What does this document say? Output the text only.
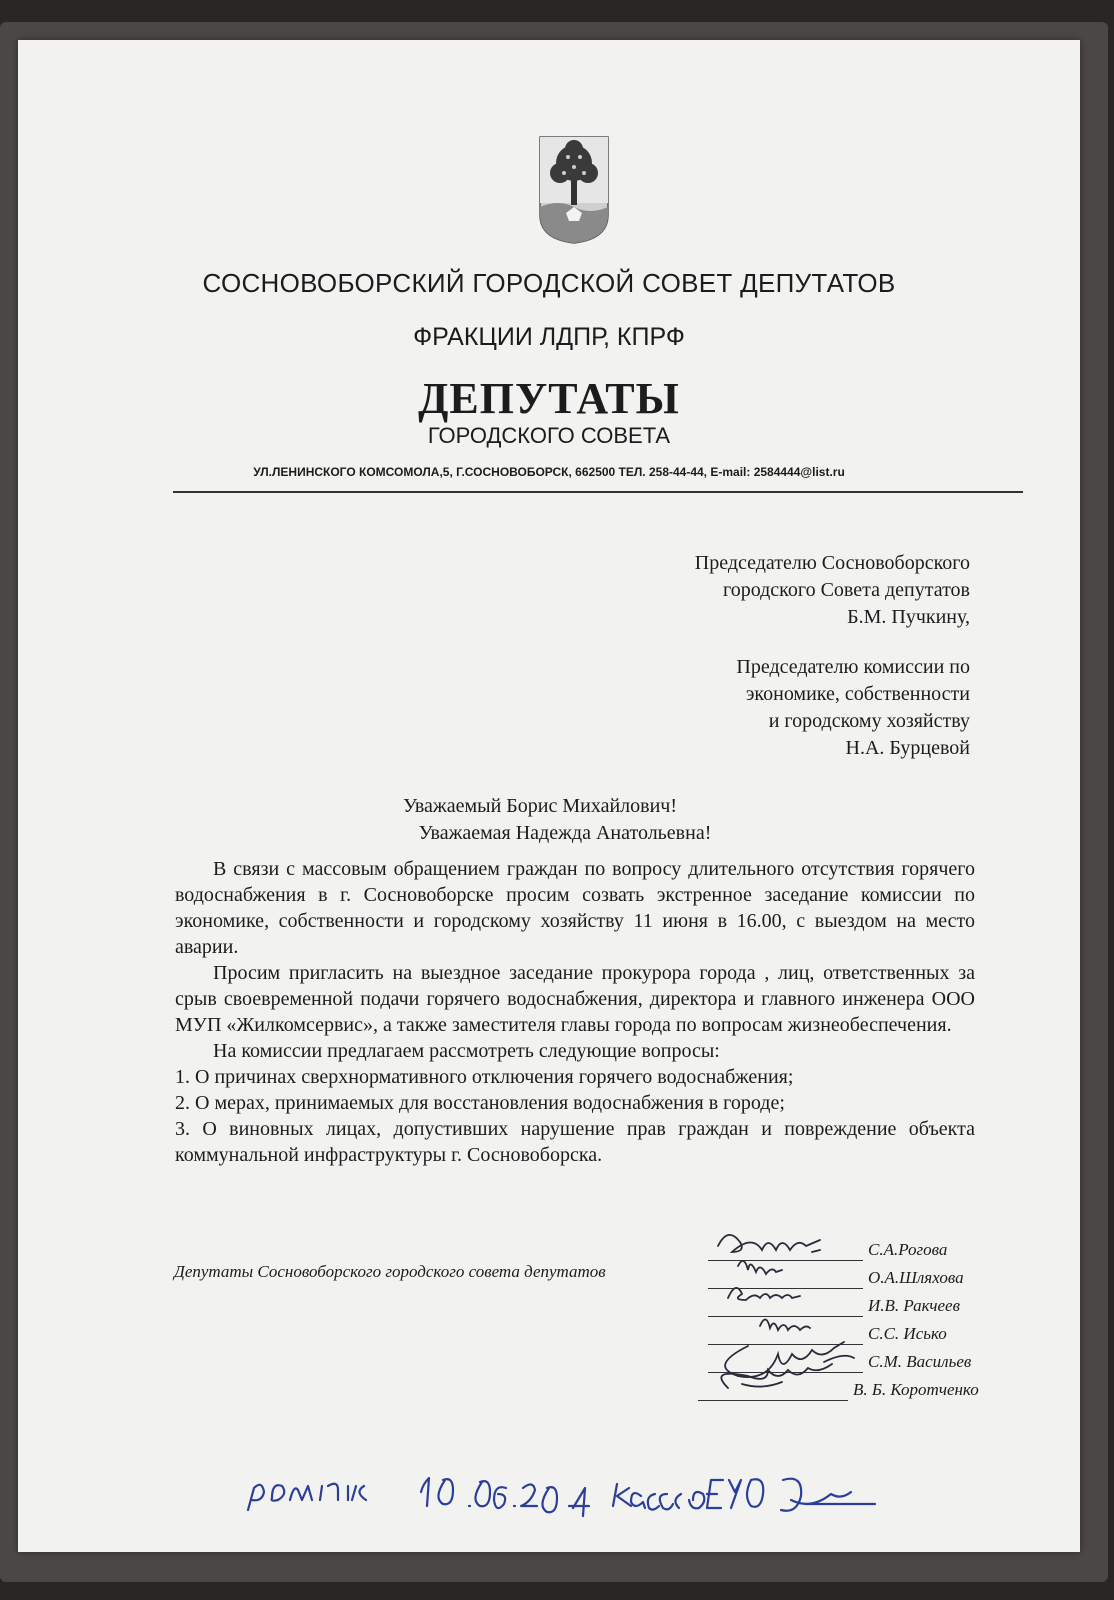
СОСНОВОБОРСКИЙ ГОРОДСКОЙ СОВЕТ ДЕПУТАТОВ
ФРАКЦИИ ЛДПР, КПРФ
ДЕПУТАТЫ
ГОРОДСКОГО СОВЕТА
УЛ.ЛЕНИНСКОГО КОМСОМОЛА,5, Г.СОСНОВОБОРСК, 662500 ТЕЛ. 258-44-44, E-mail: 2584444@list.ru
Председателю Сосновоборского
городского Совета депутатов
Б.М. Пучкину,
Председателю комиссии по
экономике, собственности
и городскому хозяйству
Н.А. Бурцевой
Уважаемый Борис Михайлович!
Уважаемая Надежда Анатольевна!

В связи с массовым обращением граждан по вопросу длительного отсутствия горячего водоснабжения в г. Сосновоборске просим созвать экстренное заседание комиссии по экономике, собственности и городскому хозяйству 11 июня в 16.00, с выездом на место аварии.

Просим пригласить на выездное заседание прокурора города , лиц, ответственных за срыв своевременной подачи горячего водоснабжения, директора и главного инженера ООО МУП «Жилкомсервис», а также заместителя главы города по вопросам жизнеобеспечения.

На комиссии предлагаем рассмотреть следующие вопросы:

1. О причинах сверхнормативного отключения горячего водоснабжения;

2. О мерах, принимаемых для восстановления водоснабжения в городе;

3. О виновных лицах, допустивших нарушение прав граждан и повреждение объекта коммунальной инфраструктуры г. Сосновоборска.

Депутаты Сосновоборского городского совета депутатов
С.А.Рогова
О.А.Шляхова
И.В. Ракчеев
С.С. Исько
С.М. Васильев
В. Б. Коротченко
